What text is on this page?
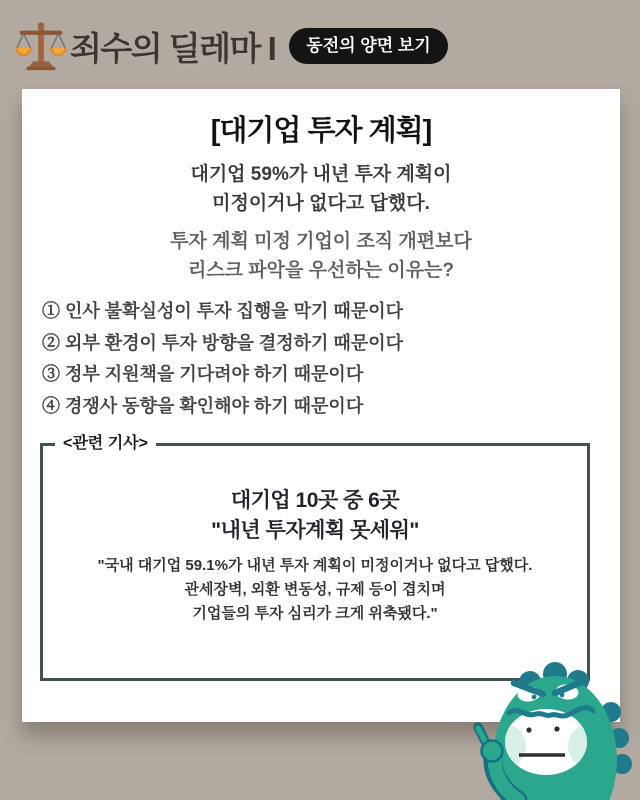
죄수의 딜레마 I	동전의 양면 보기
[대기업 투자 계획]
대기업 59%가 내년 투자 계획이
미정이거나 없다고 답했다.
투자 계획 미정 기업이 조직 개편보다
리스크 파악을 우선하는 이유는?
① 인사 불확실성이 투자 집행을 막기 때문이다
② 외부 환경이 투자 방향을 결정하기 때문이다
③ 정부 지원책을 기다려야 하기 때문이다
④ 경쟁사 동향을 확인해야 하기 때문이다
<관련 기사>
대기업 10곳 중 6곳
"내년 투자계획 못세워"
"국내 대기업 59.1%가 내년 투자 계획이 미정이거나 없다고 답했다.
관세장벽, 외환 변동성, 규제 등이 겹치며
기업들의 투자 심리가 크게 위축됐다."
